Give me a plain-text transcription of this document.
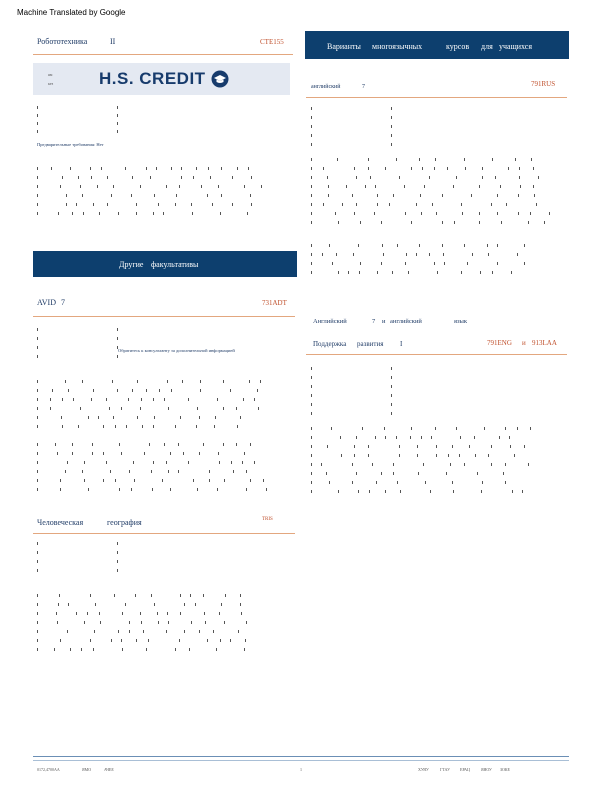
Machine Translated by Google
Робототехника	II	CTE155
ям
кез	H.S. CREDIT
Предварительные требования: Нет
Другие факультативы
AVID 7	731ADT
Обратитесь к консультанту за дополнительной информацией
Человеческая	география	TRIS
Варианты многоязычных	курсов для учащихся
английский	7	791RUS
Английский	7 и английский	язык
Поддержка развития I	791ENG и 913LAA
0172,4700АА	ЯМО	АЧЕЕ	1	ХУЯУ	ГТАУ	ЕРАЦ	ЯЯОУ ЗОКЕ
